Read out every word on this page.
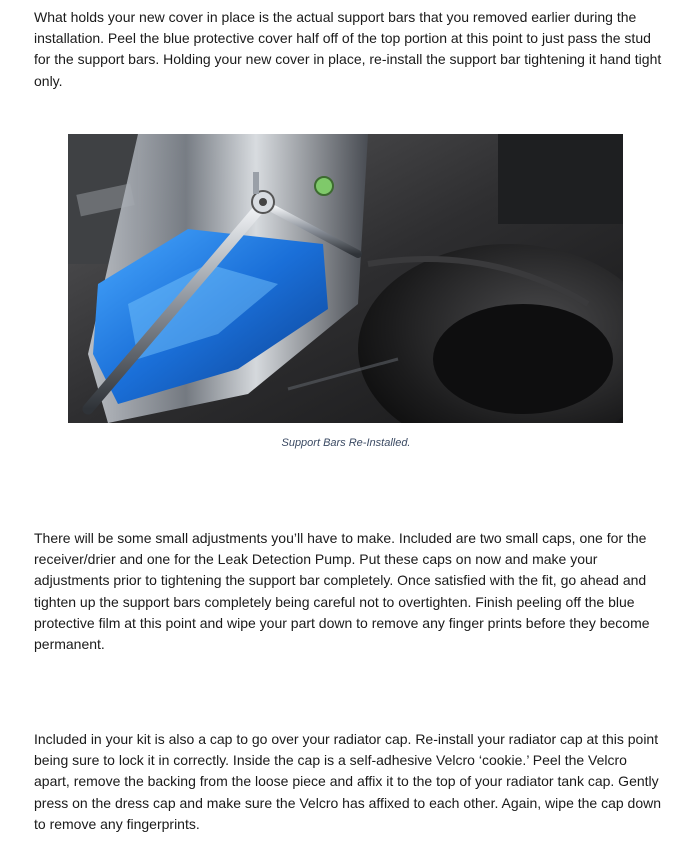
What holds your new cover in place is the actual support bars that you removed earlier during the installation. Peel the blue protective cover half off of the top portion at this point to just pass the stud for the support bars. Holding your new cover in place, re-install the support bar tightening it hand tight only.

Support Bars Re-Installed.

There will be some small adjustments you’ll have to make. Included are two small caps, one for the receiver/drier and one for the Leak Detection Pump. Put these caps on now and make your adjustments prior to tightening the support bar completely. Once satisfied with the fit, go ahead and tighten up the support bars completely being careful not to overtighten. Finish peeling off the blue protective film at this point and wipe your part down to remove any finger prints before they become permanent.

Included in your kit is also a cap to go over your radiator cap. Re-install your radiator cap at this point being sure to lock it in correctly. Inside the cap is a self-adhesive Velcro ‘cookie.’ Peel the Velcro apart, remove the backing from the loose piece and affix it to the top of your radiator tank cap. Gently press on the dress cap and make sure the Velcro has affixed to each other. Again, wipe the cap down to remove any fingerprints.
